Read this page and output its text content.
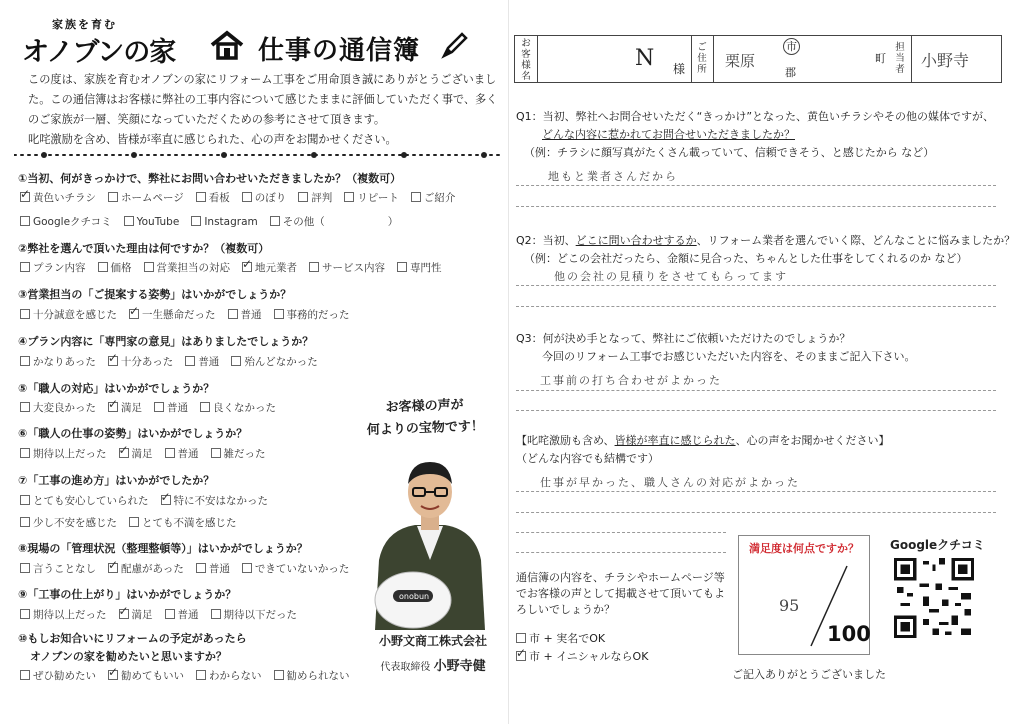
家族を育む
オノブンの家	仕事の通信簿
この度は、家族を育むオノブンの家にリフォーム工事をご用命頂き誠にありがとうございました。この通信簿はお客様に弊社の工事内容について感じたままに評価していただく事で、多くのご家族が一層、笑顔になっていただくための参考にさせて頂きます。
叱咤激励を含め、皆様が率直に感じられた、心の声をお聞かせください。
①当初、何がきっかけで、弊社にお問い合わせいただきましたか？（複数可）
✓黄色いチラシ ホームページ 看板 のぼり 評判 リピート ご紹介
Googleクチコミ YouTube Instagram その他（　　　　　　）
②弊社を選んで頂いた理由は何ですか？（複数可）
プラン内容 価格 営業担当の対応 ✓ 地元業者 サービス内容 専門性
③営業担当の「ご提案する姿勢」はいかがでしょうか？
十分誠意を感じた ✓ 一生懸命だった 普通 事務的だった
④プラン内容に「専門家の意見」はありましたでしょうか？
かなりあった ✓ 十分あった 普通 殆んどなかった
⑤「職人の対応」はいかがでしょうか？
大変良かった ✓ 満足 普通 良くなかった
⑥「職人の仕事の姿勢」はいかがでしょうか？
期待以上だった ✓ 満足 普通 雑だった
⑦「工事の進め方」はいかがでしたか？
とても安心していられた ✓ 特に不安はなかった
少し不安を感じた とても不満を感じた
⑧現場の「管理状況（整理整頓等）」はいかがでしょうか？
言うことなし ✓ 配慮があった 普通 できていないかった
⑨「工事の仕上がり」はいかがでしょうか？
期待以上だった ✓ 満足 普通 期待以下だった
⑩もしお知合いにリフォームの予定があったら
オノブンの家を勧めたいと思いますか？
ぜひ勧めたい ✓ 勧めてもいい わからない 勧められない
お客様の声が
何よりの宝物です！
onobun
小野文商工株式会社
代表取締役 小野寺健
お客様名
N 様
ご住所 栗原
市
郡
町
担当者 小野寺
Q1：当初、弊社へお問合せいただく“きっかけ”となった、黄色いチラシやその他の媒体ですが、
どんな内容に惹かれてお問合せいただきましたか？
（例：チラシに顔写真がたくさん載っていて、信頼できそう、と感じたから など）
地もと業者さんだから
Q2：当初、どこに問い合わせするか、リフォーム業者を選んでいく際、どんなことに悩みましたか？
（例：どこの会社だったら、金額に見合った、ちゃんとした仕事をしてくれるのか など）
他の会社の見積りをさせてもらってます
Q3：何が決め手となって、弊社にご依頼いただけたのでしょうか？
今回のリフォーム工事でお感じいただいた内容を、そのままご記入下さい。
工事前の打ち合わせがよかった
【叱咤激励も含め、皆様が率直に感じられた、心の声をお聞かせください】
（どんな内容でも結構です）
仕事が早かった、職人さんの対応がよかった
満足度は何点ですか？
95
100
Googleクチコミ
通信簿の内容を、チラシやホームページ等でお客様の声として掲載させて頂いてもよろしいでしょうか？
市 + 実名でOK
✓市 + イニシャルならOK
ご記入ありがとうございました
